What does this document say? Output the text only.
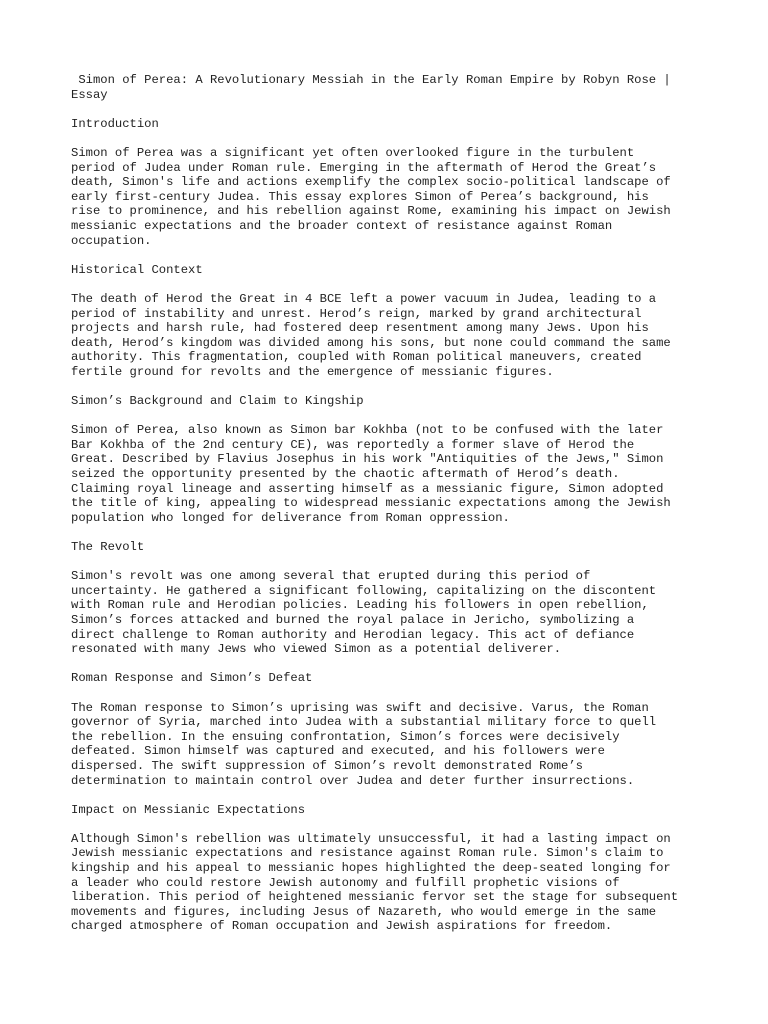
Simon of Perea: A Revolutionary Messiah in the Early Roman Empire by Robyn Rose |
Essay
Introduction
Simon of Perea was a significant yet often overlooked figure in the turbulent
period of Judea under Roman rule. Emerging in the aftermath of Herod the Great’s
death, Simon's life and actions exemplify the complex socio-political landscape of
early first-century Judea. This essay explores Simon of Perea’s background, his
rise to prominence, and his rebellion against Rome, examining his impact on Jewish
messianic expectations and the broader context of resistance against Roman
occupation.
Historical Context
The death of Herod the Great in 4 BCE left a power vacuum in Judea, leading to a
period of instability and unrest. Herod’s reign, marked by grand architectural
projects and harsh rule, had fostered deep resentment among many Jews. Upon his
death, Herod’s kingdom was divided among his sons, but none could command the same
authority. This fragmentation, coupled with Roman political maneuvers, created
fertile ground for revolts and the emergence of messianic figures.
Simon’s Background and Claim to Kingship
Simon of Perea, also known as Simon bar Kokhba (not to be confused with the later
Bar Kokhba of the 2nd century CE), was reportedly a former slave of Herod the
Great. Described by Flavius Josephus in his work "Antiquities of the Jews," Simon
seized the opportunity presented by the chaotic aftermath of Herod’s death.
Claiming royal lineage and asserting himself as a messianic figure, Simon adopted
the title of king, appealing to widespread messianic expectations among the Jewish
population who longed for deliverance from Roman oppression.
The Revolt
Simon's revolt was one among several that erupted during this period of
uncertainty. He gathered a significant following, capitalizing on the discontent
with Roman rule and Herodian policies. Leading his followers in open rebellion,
Simon’s forces attacked and burned the royal palace in Jericho, symbolizing a
direct challenge to Roman authority and Herodian legacy. This act of defiance
resonated with many Jews who viewed Simon as a potential deliverer.
Roman Response and Simon’s Defeat
The Roman response to Simon’s uprising was swift and decisive. Varus, the Roman
governor of Syria, marched into Judea with a substantial military force to quell
the rebellion. In the ensuing confrontation, Simon’s forces were decisively
defeated. Simon himself was captured and executed, and his followers were
dispersed. The swift suppression of Simon’s revolt demonstrated Rome’s
determination to maintain control over Judea and deter further insurrections.
Impact on Messianic Expectations
Although Simon's rebellion was ultimately unsuccessful, it had a lasting impact on
Jewish messianic expectations and resistance against Roman rule. Simon's claim to
kingship and his appeal to messianic hopes highlighted the deep-seated longing for
a leader who could restore Jewish autonomy and fulfill prophetic visions of
liberation. This period of heightened messianic fervor set the stage for subsequent
movements and figures, including Jesus of Nazareth, who would emerge in the same
charged atmosphere of Roman occupation and Jewish aspirations for freedom.
